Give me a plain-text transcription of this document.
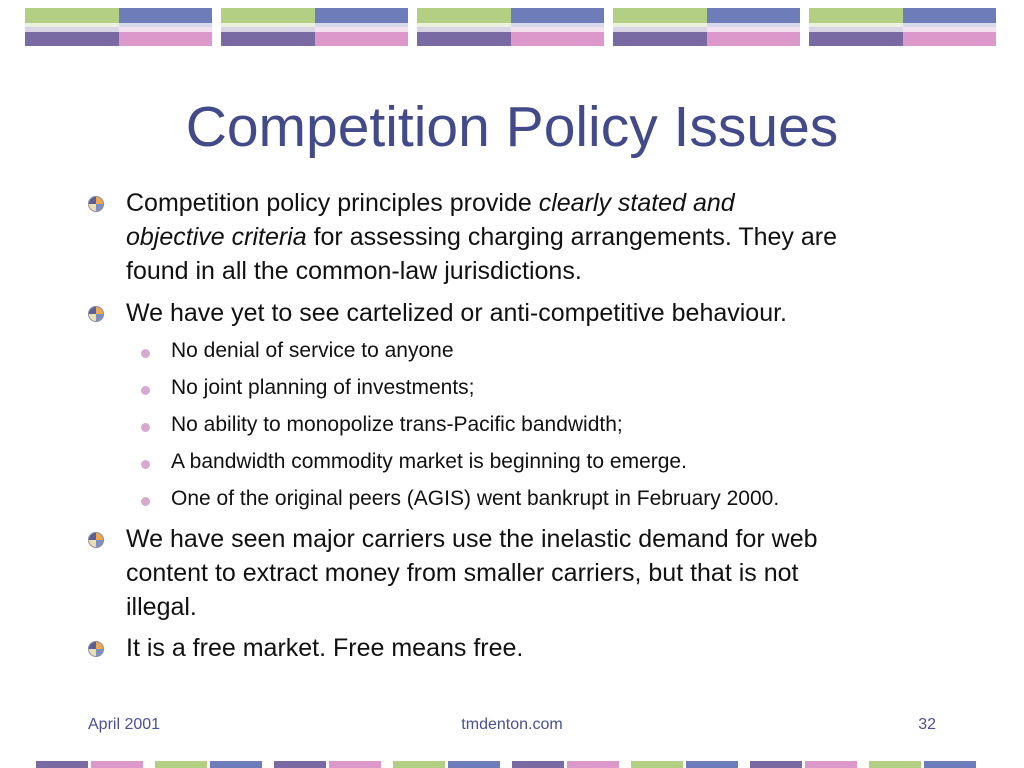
Competition Policy Issues
Competition policy principles provide clearly stated and
objective criteria for assessing charging arrangements. They are
found in all the common-law jurisdictions.
We have yet to see cartelized or anti-competitive behaviour.
No denial of service to anyone
No joint planning of investments;
No ability to monopolize trans-Pacific bandwidth;
A bandwidth commodity market is beginning to emerge.
One of the original peers (AGIS) went bankrupt in February 2000.
We have seen major carriers use the inelastic demand for web
content to extract money from smaller carriers, but that is not
illegal.
It is a free market. Free means free.
April 2001	tmdenton.com	32
